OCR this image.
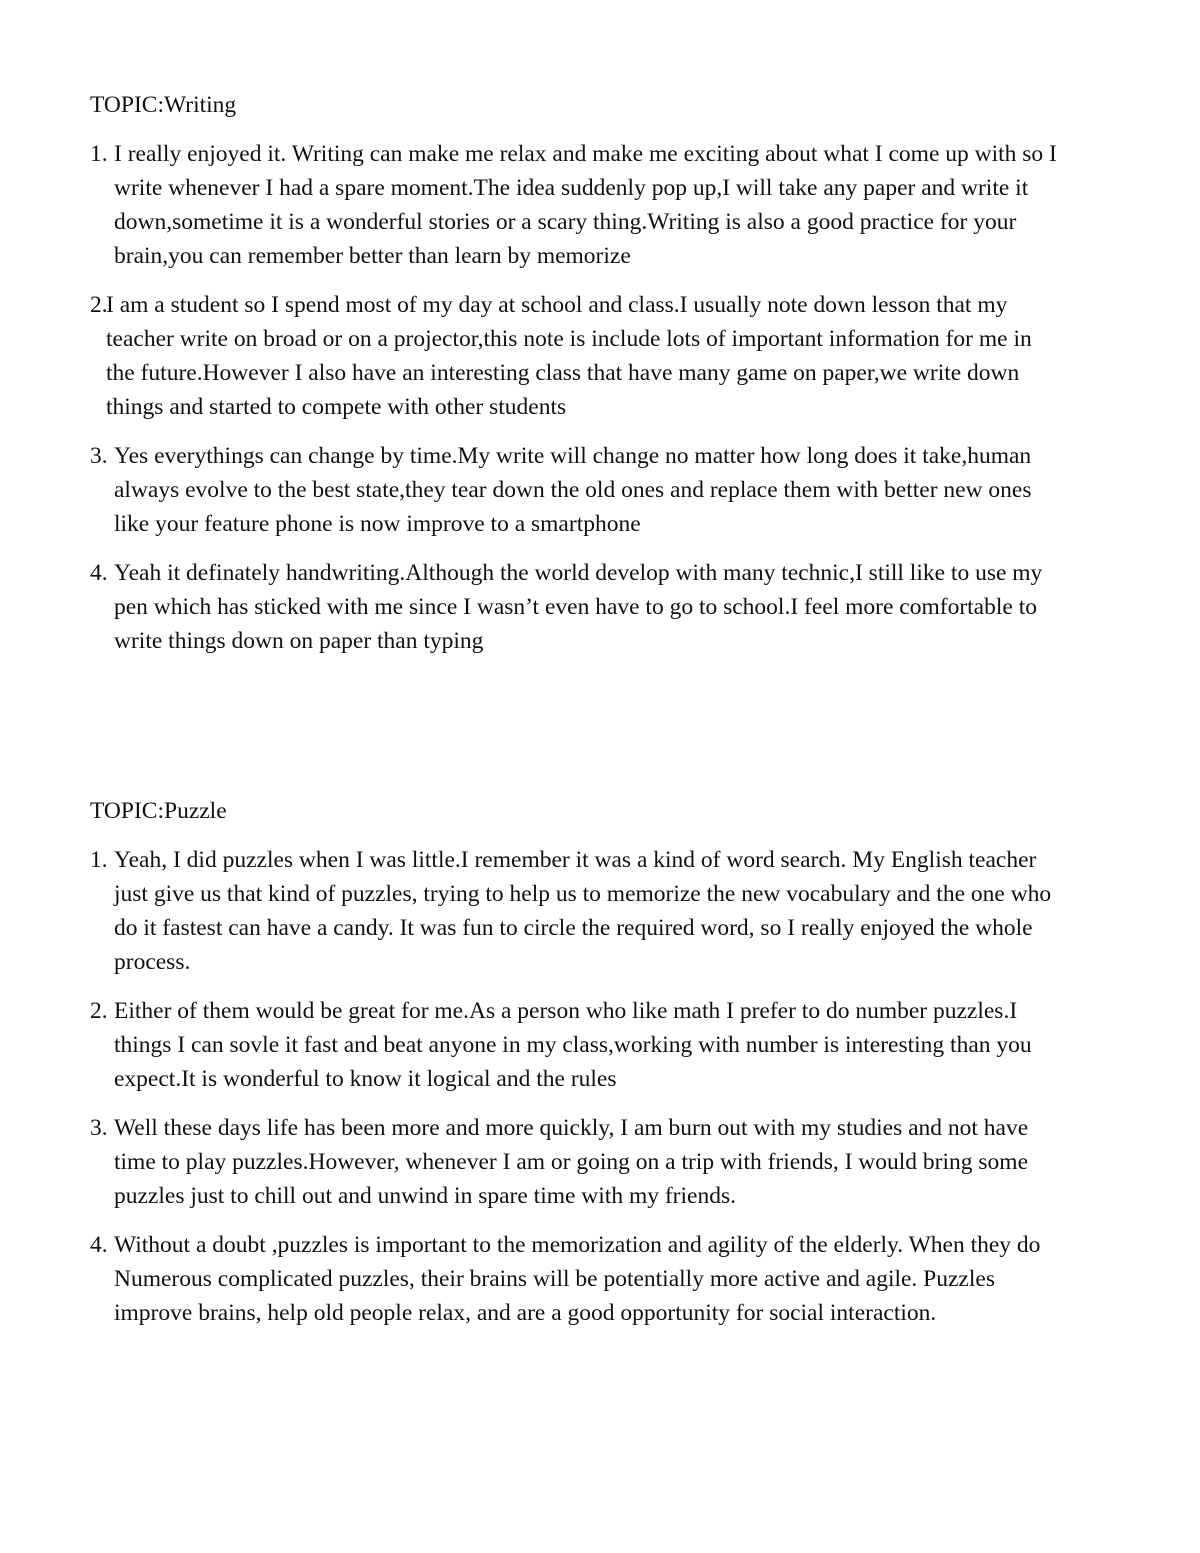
TOPIC:Writing
1. I really enjoyed it. Writing can make me relax and make me exciting about what I come up with so I write whenever I had a spare moment.The idea suddenly pop up,I will take any paper and write it down,sometime it is a wonderful stories or a scary thing.Writing is also a good practice for your brain,you can remember better than learn by memorize
2.
I am a student so I spend most of my day at school and class.I usually note down lesson that my teacher write on broad or on a projector,this note is include lots of important information for me in the future.However I also have an interesting class that have many game on paper,we write down things and started to compete with other students
3. Yes everythings can change by time.My write will change no matter how long does it take,human always evolve to the best state,they tear down the old ones and replace them with better new ones like your feature phone is now improve to a smartphone
4. Yeah it definately handwriting.Although the world develop with many technic,I still like to use my pen which has sticked with me since I wasn’t even have to go to school.I feel more comfortable to write things down on paper than typing
TOPIC:Puzzle
1. Yeah, I did puzzles when I was little.I remember it was a kind of word search. My English teacher just give us that kind of puzzles, trying to help us to memorize the new vocabulary and the one who do it fastest can have a candy. It was fun to circle the required word, so I really enjoyed the whole process.
2. Either of them would be great for me.As a person who like math I prefer to do number puzzles.I things I can sovle it fast and beat anyone in my class,working with number is interesting than you expect.It is wonderful to know it logical and the rules
3. Well these days life has been more and more quickly, I am burn out with my studies and not have time to play puzzles.However, whenever I am or going on a trip with friends, I would bring some puzzles just to chill out and unwind in spare time with my friends.
4. Without a doubt ,puzzles is important to the memorization and agility of the elderly. When they do Numerous complicated puzzles, their brains will be potentially more active and agile. Puzzles improve brains, help old people relax, and are a good opportunity for social interaction.
